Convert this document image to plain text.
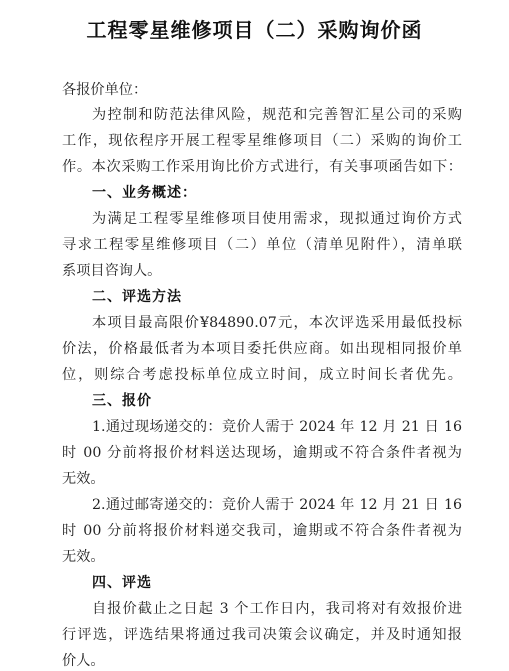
工程零星维修项目（二）采购询价函
各报价单位：
为控制和防范法律风险，规范和完善智汇星公司的采购
工作，现依程序开展工程零星维修项目（二）采购的询价工
作。本次采购工作采用询比价方式进行，有关事项函告如下：
一、业务概述：
为满足工程零星维修项目使用需求，现拟通过询价方式
寻求工程零星维修项目（二）单位（清单见附件），清单联
系项目咨询人。
二、评选方法
本项目最高限价¥84890.07元，本次评选采用最低投标
价法，价格最低者为本项目委托供应商。如出现相同报价单
位，则综合考虑投标单位成立时间，成立时间长者优先。
三、报价
1.通过现场递交的：竞价人需于 2024 年 12 月 21 日 16
时 00 分前将报价材料送达现场，逾期或不符合条件者视为
无效。
2.通过邮寄递交的：竞价人需于 2024 年 12 月 21 日 16
时 00 分前将报价材料递交我司，逾期或不符合条件者视为
无效。
四、评选
自报价截止之日起 3 个工作日内，我司将对有效报价进
行评选，评选结果将通过我司决策会议确定，并及时通知报
价人。
